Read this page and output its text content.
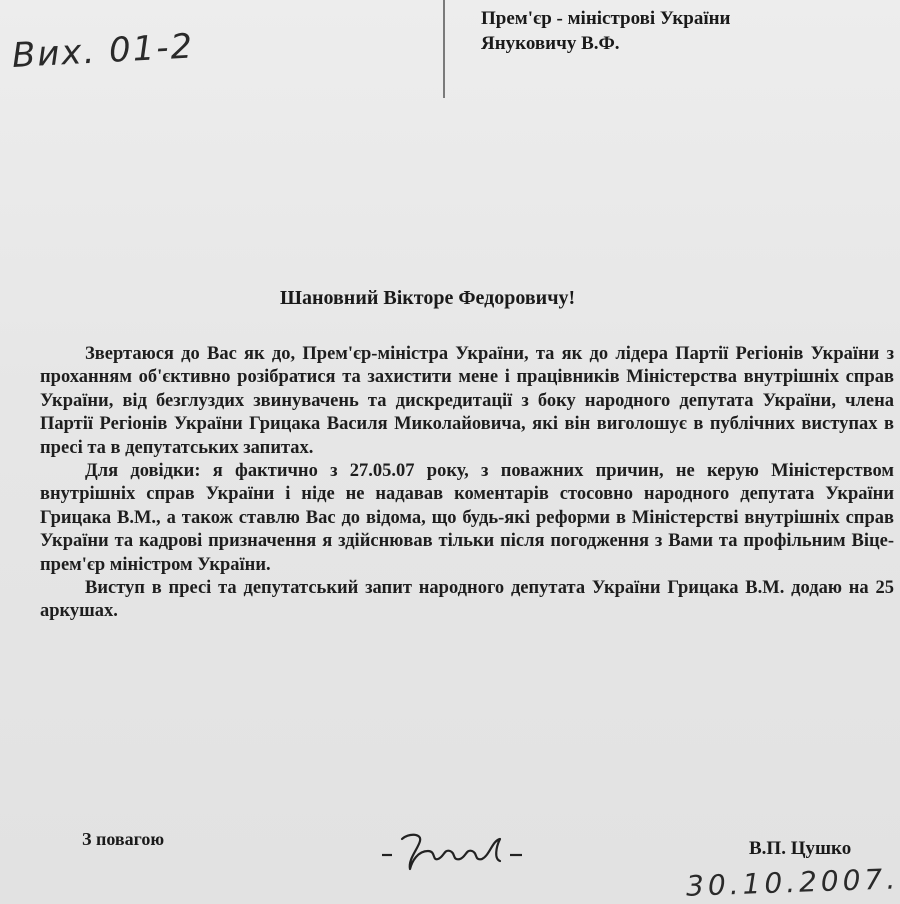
Вих. 01-2
Прем'єр - міністрові України
Януковичу В.Ф.
Шановний Вікторе Федоровичу!

Звертаюся до Вас як до, Прем'єр-міністра України, та як до лідера Партії Регіонів України з проханням об'єктивно розібратися та захистити мене і працівників Міністерства внутрішніх справ України, від безглуздих звинувачень та дискредитації з боку народного депутата України, члена Партії Регіонів України Грицака Василя Миколайовича, які він виголошує в публічних виступах в пресі та в депутатських запитах.

Для довідки: я фактично з 27.05.07 року, з поважних причин, не керую Міністерством внутрішніх справ України і ніде не надавав коментарів стосовно народного депутата України Грицака В.М., а також ставлю Вас до відома, що будь-які реформи в Міністерстві внутрішніх справ України та кадрові призначення я здійснював тільки після погодження з Вами та профільним Віце-прем'єр міністром України.

Виступ в пресі та депутатський запит народного депутата України Грицака В.М. додаю на 25 аркушах.

З повагою	В.П. Цушко
30.10.2007.
